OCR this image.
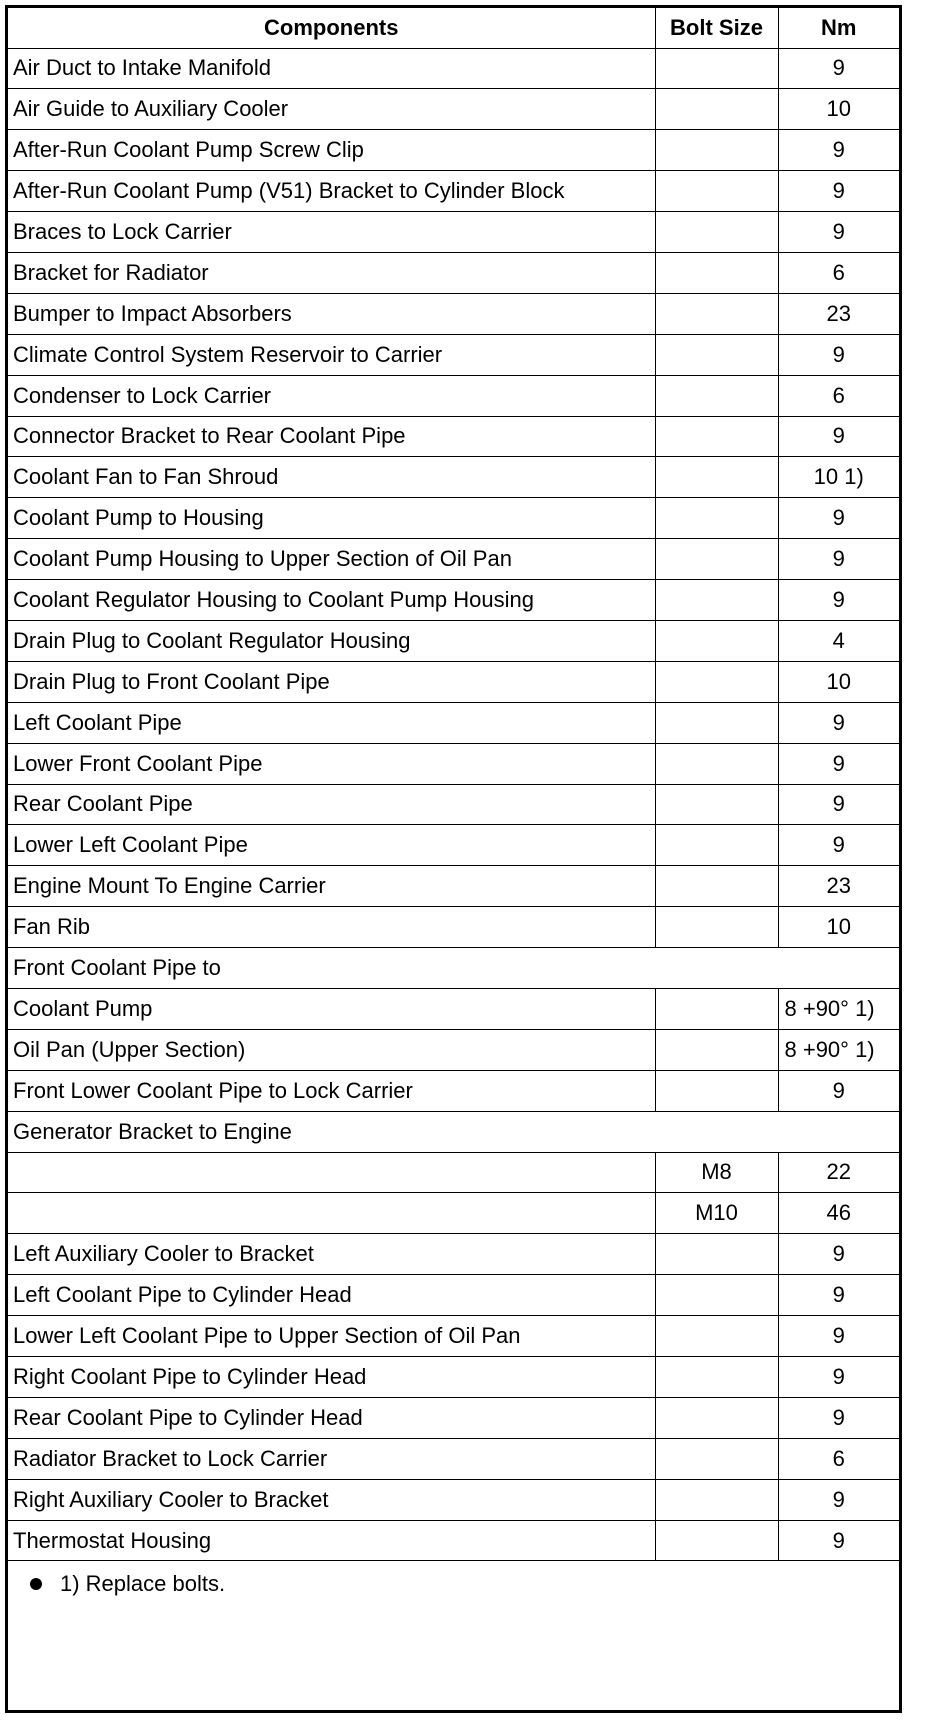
Components	Bolt Size	Nm
Air Duct to Intake Manifold		9
Air Guide to Auxiliary Cooler		10
After-Run Coolant Pump Screw Clip		9
After-Run Coolant Pump (V51) Bracket to Cylinder Block		9
Braces to Lock Carrier		9
Bracket for Radiator		6
Bumper to Impact Absorbers		23
Climate Control System Reservoir to Carrier		9
Condenser to Lock Carrier		6
Connector Bracket to Rear Coolant Pipe		9
Coolant Fan to Fan Shroud		10 1)
Coolant Pump to Housing		9
Coolant Pump Housing to Upper Section of Oil Pan		9
Coolant Regulator Housing to Coolant Pump Housing		9
Drain Plug to Coolant Regulator Housing		4
Drain Plug to Front Coolant Pipe		10
Left Coolant Pipe		9
Lower Front Coolant Pipe		9
Rear Coolant Pipe		9
Lower Left Coolant Pipe		9
Engine Mount To Engine Carrier		23
Fan Rib		10
Front Coolant Pipe to		
Coolant Pump		8 +90° 1)
Oil Pan (Upper Section)		8 +90° 1)
Front Lower Coolant Pipe to Lock Carrier		9
Generator Bracket to Engine		
	M8	22
	M10	46
Left Auxiliary Cooler to Bracket		9
Left Coolant Pipe to Cylinder Head		9
Lower Left Coolant Pipe to Upper Section of Oil Pan		9
Right Coolant Pipe to Cylinder Head		9
Rear Coolant Pipe to Cylinder Head		9
Radiator Bracket to Lock Carrier		6
Right Auxiliary Cooler to Bracket		9
Thermostat Housing		9
1) Replace bolts.
